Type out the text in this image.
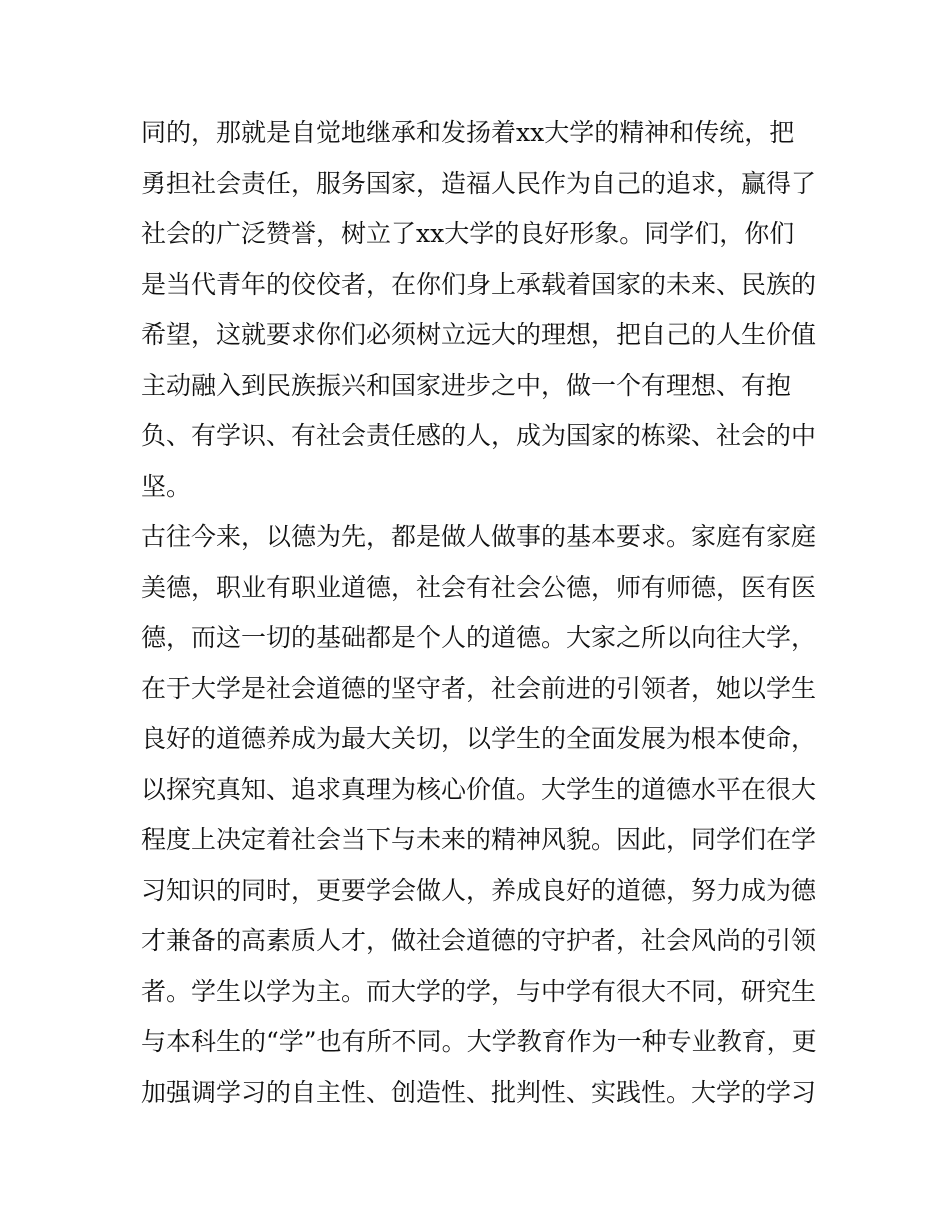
同的，那就是自觉地继承和发扬着xx大学的精神和传统，把
勇担社会责任，服务国家，造福人民作为自己的追求，赢得了
社会的广泛赞誉，树立了xx大学的良好形象。同学们，你们
是当代青年的佼佼者，在你们身上承载着国家的未来、民族的
希望，这就要求你们必须树立远大的理想，把自己的人生价值
主动融入到民族振兴和国家进步之中，做一个有理想、有抱
负、有学识、有社会责任感的人，成为国家的栋梁、社会的中
坚。
古往今来，以德为先，都是做人做事的基本要求。家庭有家庭
美德，职业有职业道德，社会有社会公德，师有师德，医有医
德，而这一切的基础都是个人的道德。大家之所以向往大学，
在于大学是社会道德的坚守者，社会前进的引领者，她以学生
良好的道德养成为最大关切，以学生的全面发展为根本使命，
以探究真知、追求真理为核心价值。大学生的道德水平在很大
程度上决定着社会当下与未来的精神风貌。因此，同学们在学
习知识的同时，更要学会做人，养成良好的道德，努力成为德
才兼备的高素质人才，做社会道德的守护者，社会风尚的引领
者。学生以学为主。而大学的学，与中学有很大不同，研究生
与本科生的“学”也有所不同。大学教育作为一种专业教育，更
加强调学习的自主性、创造性、批判性、实践性。大学的学习
